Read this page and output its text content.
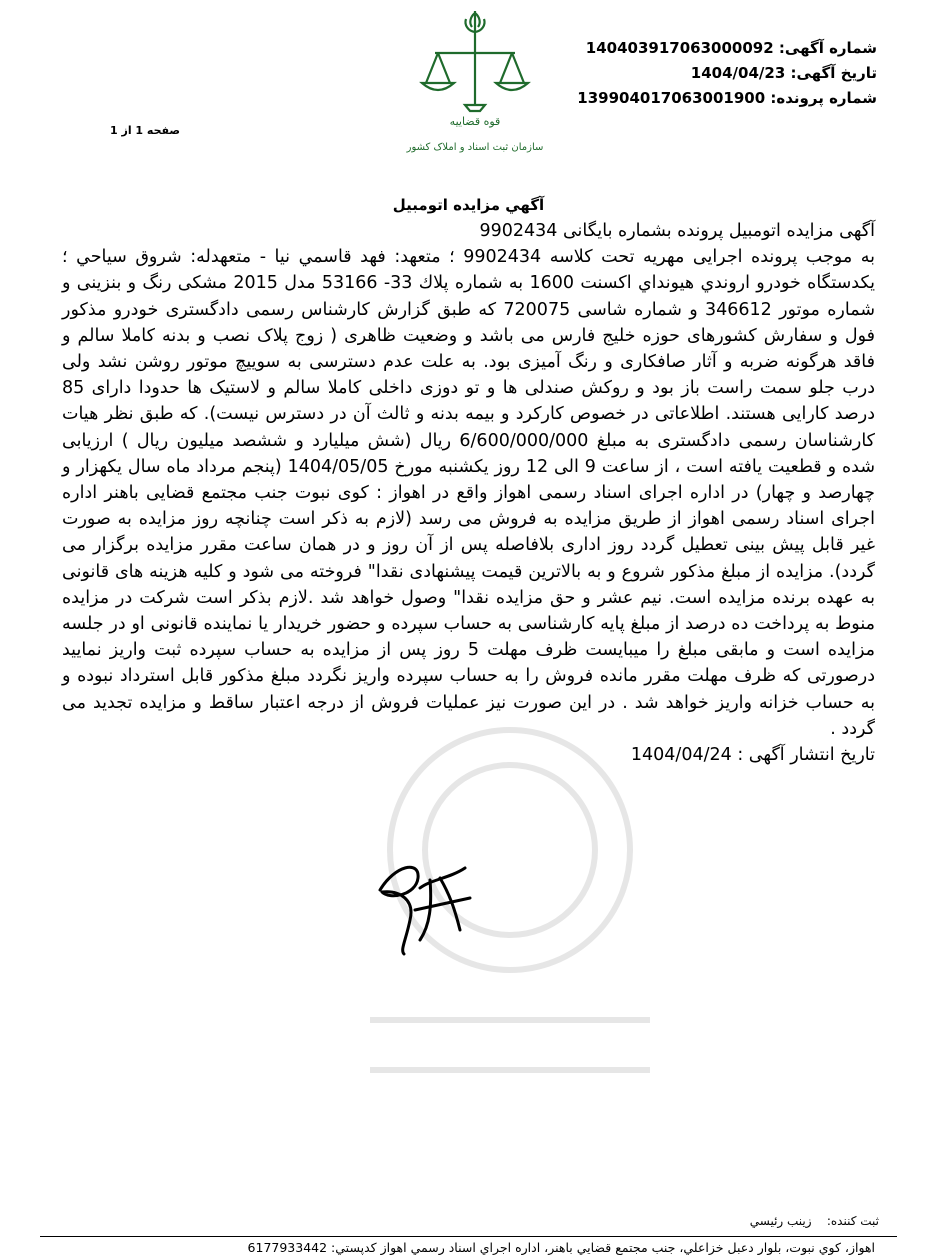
قوه قضاییه
سازمان ثبت اسناد و املاک کشور
شماره آگهی: 140403917063000092
تاریخ آگهی: 1404/04/23
شماره پرونده: 139904017063001900
صفحه 1 از 1
آگهي مزايده اتومبيل

آگهی مزایده اتومبیل پرونده بشماره بایگانی 9902434

به موجب پرونده اجرایی مهریه تحت کلاسه 9902434 ؛ متعهد: فهد قاسمي نيا - متعهدله: شروق سياحي ؛ یکدستگاه خودرو اروندي هيونداي اكسنت 1600 به شماره پلاك 33- 53166 مدل 2015 مشکی رنگ و بنزینی و شماره موتور 346612 و شماره شاسی 720075 که طبق گزارش کارشناس رسمی دادگستری خودرو مذکور فول و سفارش کشورهای حوزه خلیج فارس می باشد و وضعیت ظاهری ( زوج پلاک نصب و بدنه کاملا سالم و فاقد هرگونه ضربه و آثار صافکاری و رنگ آمیزی بود. به علت عدم دسترسی به سوییچ موتور روشن نشد ولی درب جلو سمت راست باز بود و روکش صندلی ها و تو دوزی داخلی کاملا سالم و لاستیک ها حدودا دارای 85 درصد کارایی هستند. اطلاعاتی در خصوص کارکرد و بیمه بدنه و ثالث آن در دسترس نیست). که طبق نظر هیات کارشناسان رسمی دادگستری به مبلغ 6/600/000/000 ریال (شش میلیارد و ششصد میلیون ریال ) ارزیابی شده و قطعیت یافته است ، از ساعت 9 الی 12 روز یکشنبه مورخ 1404/05/05 (پنجم مرداد ماه سال یکهزار و چهارصد و چهار) در اداره اجرای اسناد رسمی اهواز واقع در اهواز : کوی نبوت جنب مجتمع قضایی باهنر اداره اجرای اسناد رسمی اهواز از طریق مزایده به فروش می رسد (لازم به ذکر است چنانچه روز مزایده به صورت غیر قابل پیش بینی تعطیل گردد روز اداری بلافاصله پس از آن روز و در همان ساعت مقرر مزایده برگزار می گردد). مزایده از مبلغ مذکور شروع و به بالاترین قیمت پیشنهادی نقدا" فروخته می شود و کلیه هزینه های قانونی به عهده برنده مزایده است. نیم عشر و حق مزایده نقدا" وصول خواهد شد .لازم بذکر است شرکت در مزایده منوط به پرداخت ده درصد از مبلغ پایه کارشناسی به حساب سپرده و حضور خریدار یا نماینده قانونی او در جلسه مزایده است و مابقی مبلغ را میبایست ظرف مهلت 5 روز پس از مزایده به حساب سپرده ثبت واریز نمایید درصورتی که ظرف مهلت مقرر مانده فروش را به حساب سپرده واریز نگردد مبلغ مذکور قابل استرداد نبوده و به حساب خزانه واریز خواهد شد . در این صورت نیز عملیات فروش از درجه اعتبار ساقط و مزایده تجدید می گردد .

تاریخ انتشار آگهی : 1404/04/24

ثبت كننده:    زينب رئيسي
اهواز، كوي نبوت، بلوار دعبل خزاعلي، جنب مجتمع قضايي باهنر، اداره اجراي اسناد رسمي اهواز كدپستي: 6177933442
